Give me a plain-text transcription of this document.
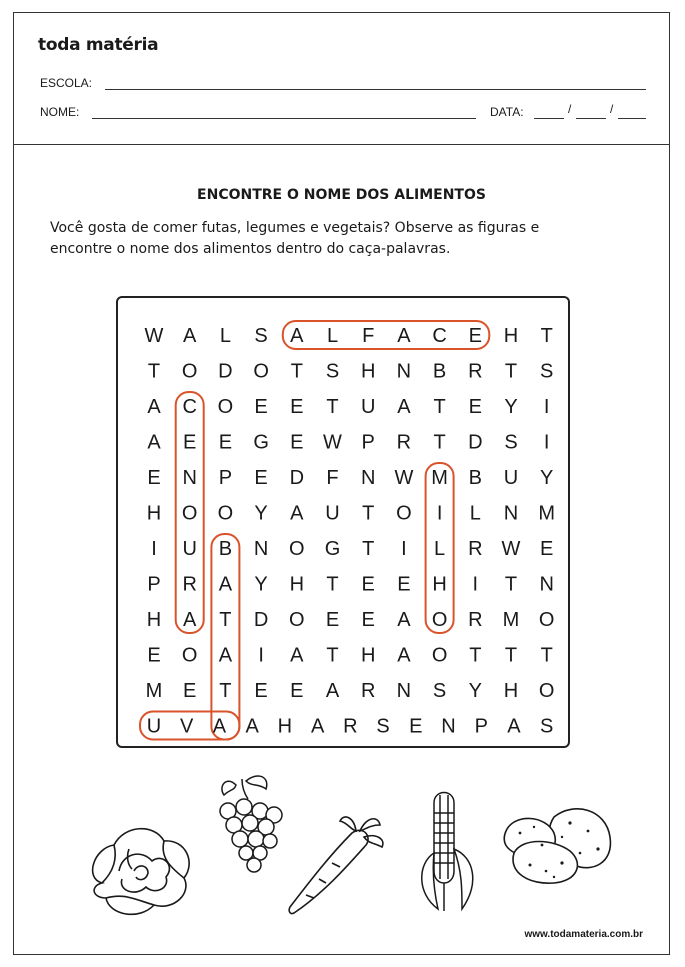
toda matéria
ESCOLA:
NOME:	DATA:	/	/
ENCONTRE O NOME DOS ALIMENTOS
Você gosta de comer futas, legumes e vegetais? Observe as figuras e encontre o nome dos alimentos dentro do caça-palavras.
W A L S A L F A C E H T
T O D O T S H N B R T S
A C O E E T U A T E Y I
A E E G E W P R T D S I
E N P E D F N W M B U Y
H O O Y A U T O I L N M
I U B N O G T I L R W E
P R A Y H T E E H I T N
H A T D O E E A O R M O
E O A I A T H A O T T T
M E T E E A R N S Y H O
U V A A H A R S E N P A S
www.todamateria.com.br
